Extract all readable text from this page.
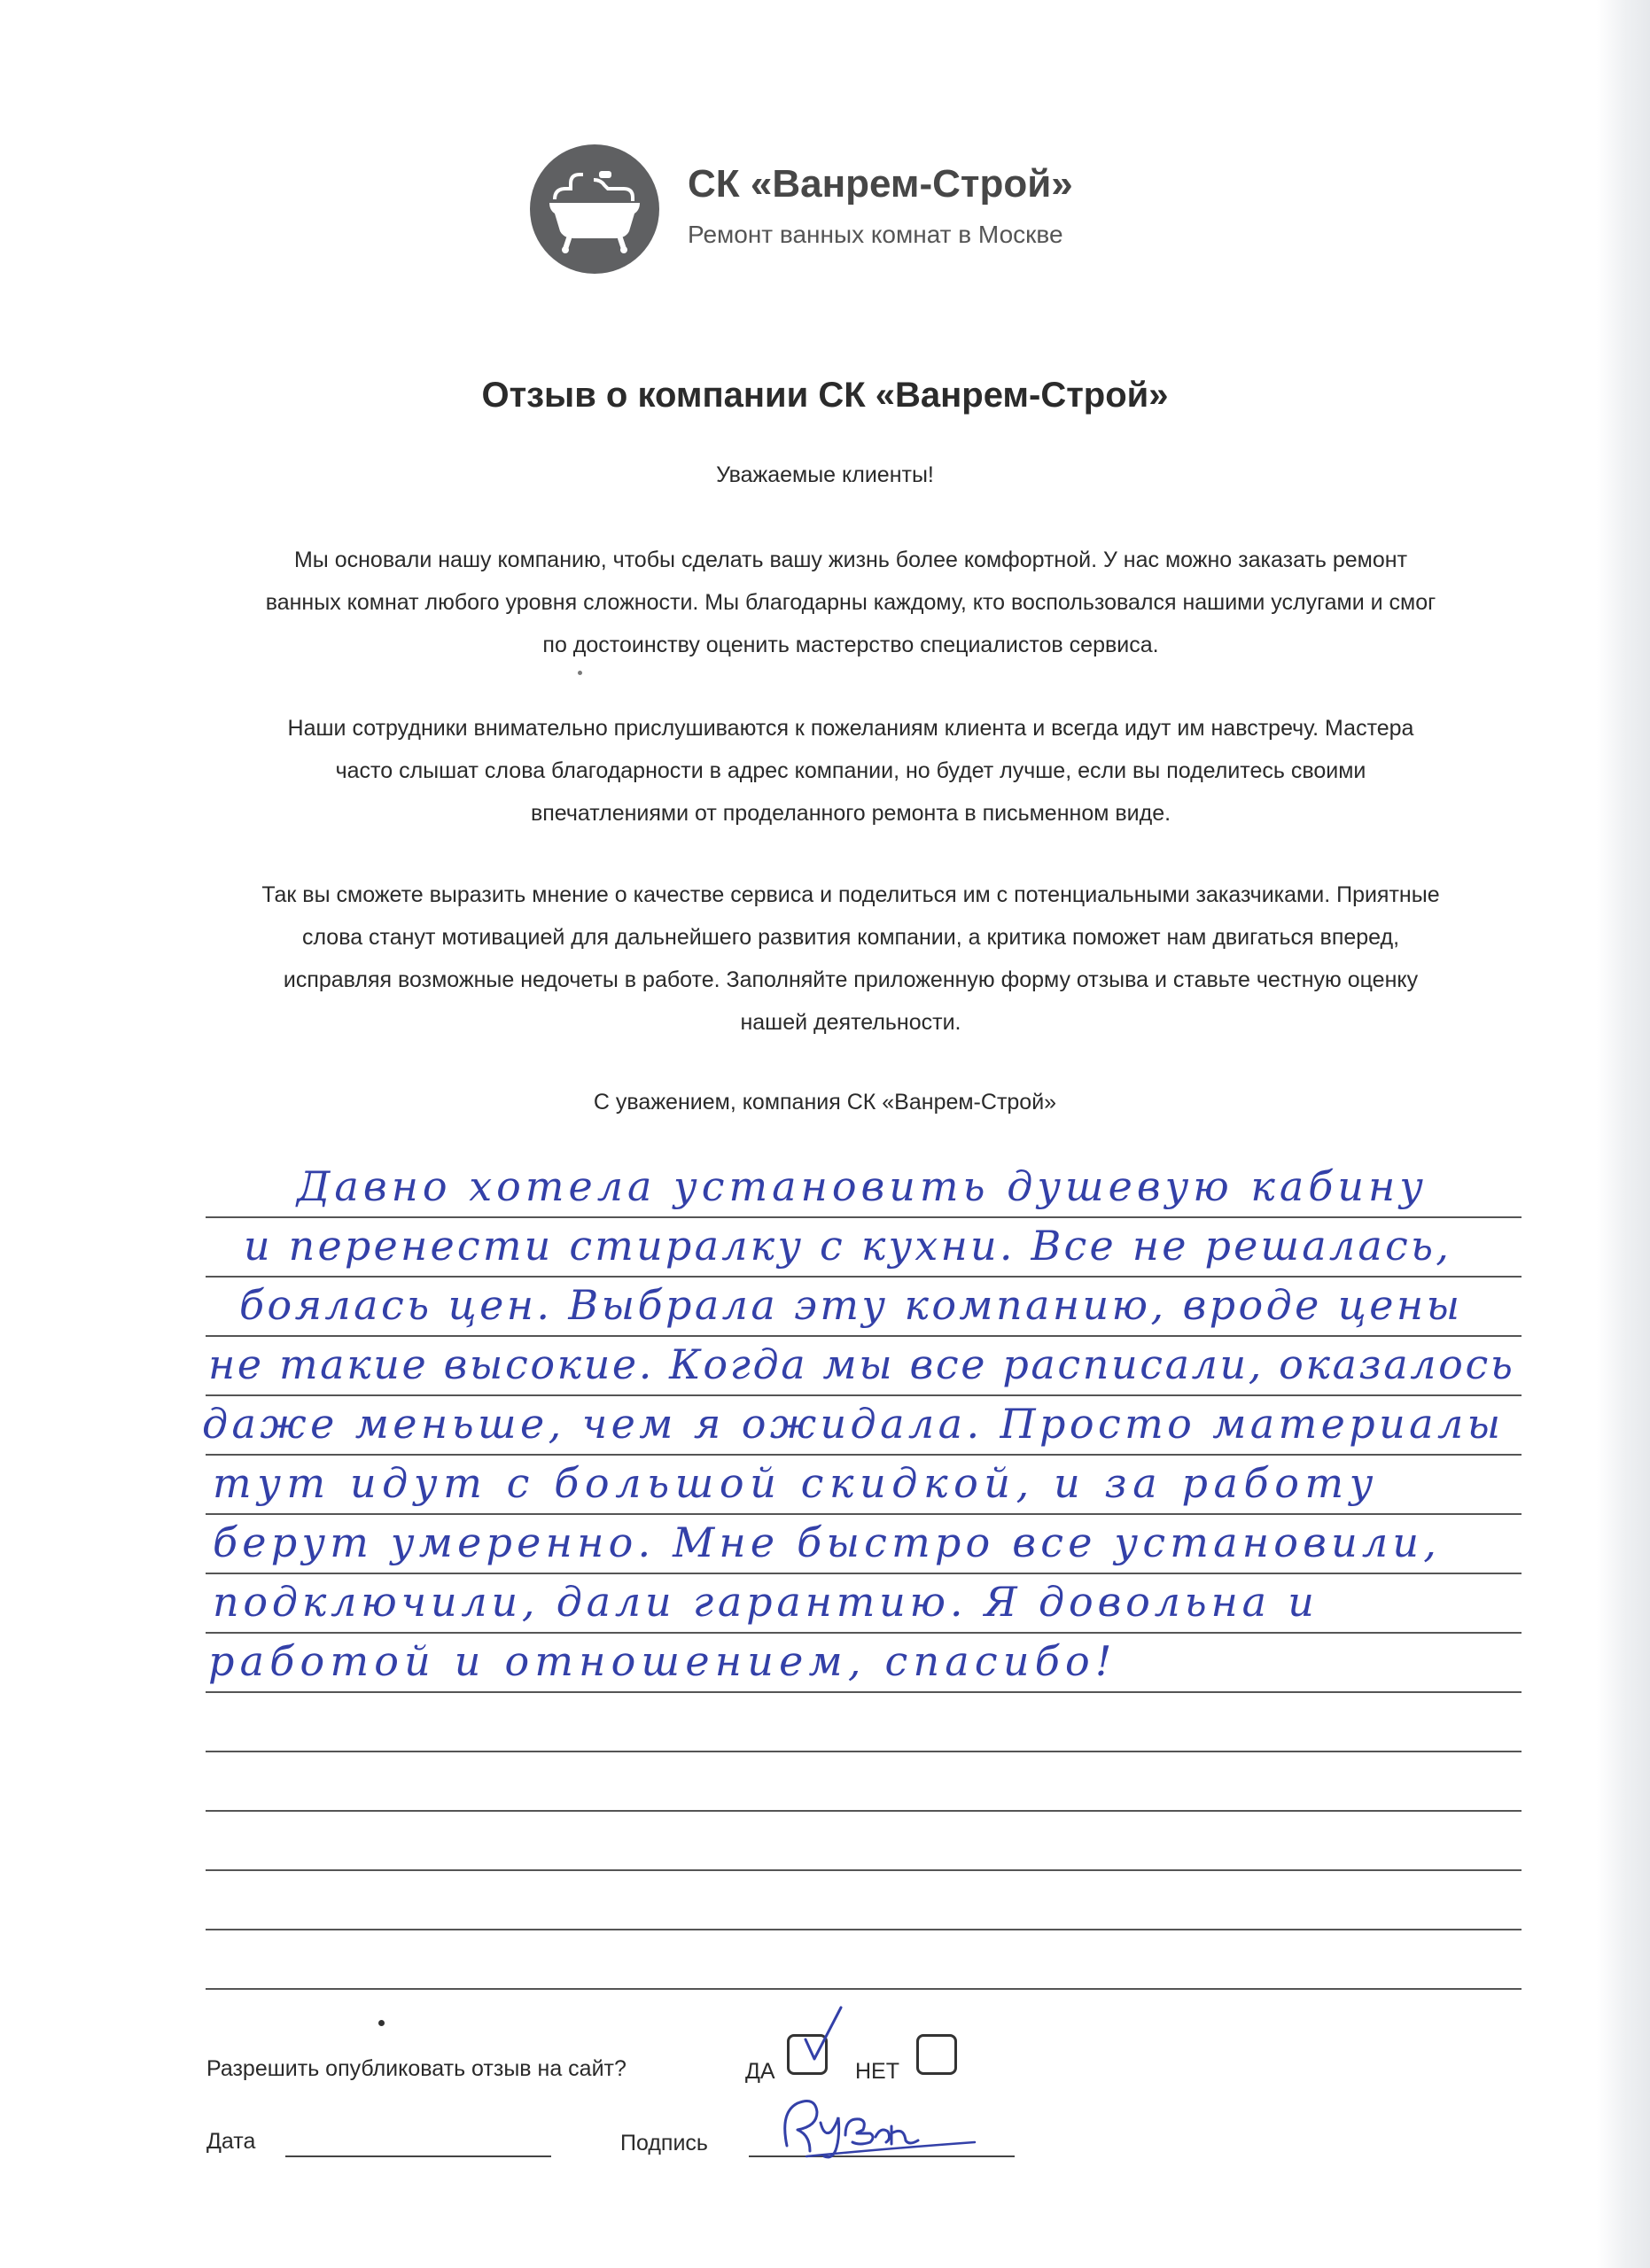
СК «Ванрем-Строй»
Ремонт ванных комнат в Москве
Отзыв о компании СК «Ванрем-Строй»
Уважаемые клиенты!
Мы основали нашу компанию, чтобы сделать вашу жизнь более комфортной. У нас можно заказать ремонт
ванных комнат любого уровня сложности. Мы благодарны каждому, кто воспользовался нашими услугами и смог
по достоинству оценить мастерство специалистов сервиса.
Наши сотрудники внимательно прислушиваются к пожеланиям клиента и всегда идут им навстречу. Мастера
часто слышат слова благодарности в адрес компании, но будет лучше, если вы поделитесь своими
впечатлениями от проделанного ремонта в письменном виде.
Так вы сможете выразить мнение о качестве сервиса и поделиться им с потенциальными заказчиками. Приятные
слова станут мотивацией для дальнейшего развития компании, а критика поможет нам двигаться вперед,
исправляя возможные недочеты в работе. Заполняйте приложенную форму отзыва и ставьте честную оценку
нашей деятельности.
С уважением, компания СК «Ванрем-Строй»
Давно хотела установить душевую кабину
и перенести стиралку с кухни. Все не решалась,
боялась цен. Выбрала эту компанию, вроде цены
не такие высокие. Когда мы все расписали, оказалось
даже меньше, чем я ожидала. Просто материалы
тут идут с большой скидкой, и за работу
берут умеренно. Мне быстро все установили,
подключили, дали гарантию. Я довольна и
работой и отношением, спасибо!
Разрешить опубликовать отзыв на сайт?	ДА	НЕТ
Дата	Подпись
